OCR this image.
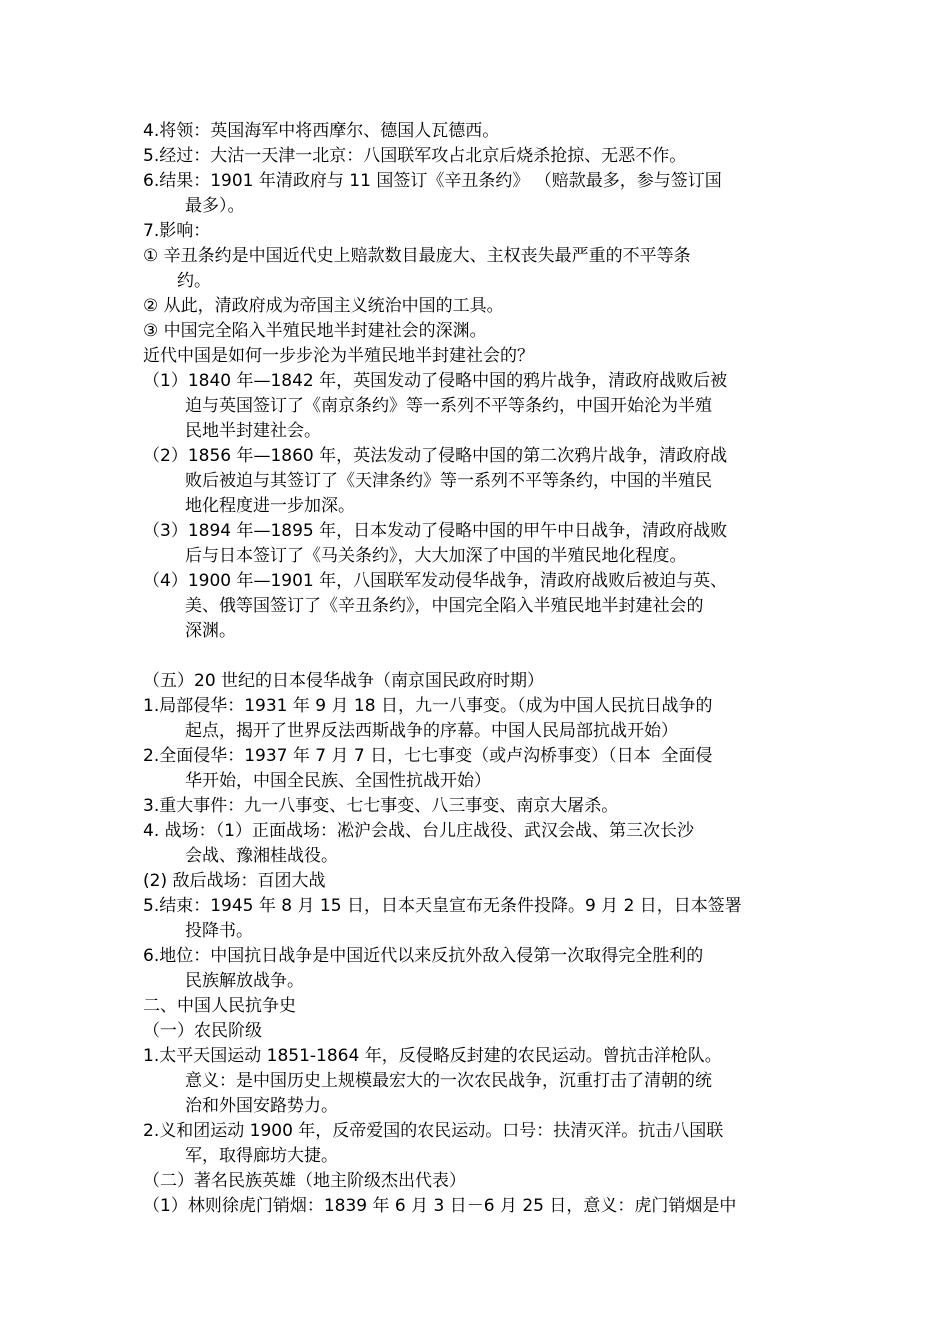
4.将领：英国海军中将西摩尔、德国人瓦德西。
5.经过：大沽一天津一北京：八国联军攻占北京后烧杀抢掠、无恶不作。
6.结果：1901 年清政府与 11 国签订《辛丑条约》 （赔款最多，参与签订国
最多）。
7.影响：
① 辛丑条约是中国近代史上赔款数目最庞大、主权丧失最严重的不平等条
约。
② 从此，清政府成为帝国主义统治中国的工具。
③ 中国完全陷入半殖民地半封建社会的深渊。
近代中国是如何一步步沦为半殖民地半封建社会的？
（1）1840 年—1842 年，英国发动了侵略中国的鸦片战争，清政府战败后被
迫与英国签订了《南京条约》等一系列不平等条约，中国开始沦为半殖
民地半封建社会。
（2）1856 年—1860 年，英法发动了侵略中国的第二次鸦片战争，清政府战
败后被迫与其签订了《天津条约》等一系列不平等条约，中国的半殖民
地化程度进一步加深。
（3）1894 年—1895 年，日本发动了侵略中国的甲午中日战争，清政府战败
后与日本签订了《马关条约》，大大加深了中国的半殖民地化程度。
（4）1900 年—1901 年，八国联军发动侵华战争，清政府战败后被迫与英、
美、俄等国签订了《辛丑条约》，中国完全陷入半殖民地半封建社会的
深渊。
（五）20 世纪的日本侵华战争（南京国民政府时期）
1.局部侵华：1931 年 9 月 18 日，九一八事变。（成为中国人民抗日战争的
起点，揭开了世界反法西斯战争的序幕。中国人民局部抗战开始）
2.全面侵华：1937 年 7 月 7 日，七七事变（或卢沟桥事变）（日本  全面侵
华开始，中国全民族、全国性抗战开始）
3.重大事件：九一八事变、七七事变、八三事变、南京大屠杀。
4. 战场：（1）正面战场：凇沪会战、台儿庄战役、武汉会战、第三次长沙
会战、豫湘桂战役。
(2) 敌后战场：百团大战
5.结束：1945 年 8 月 15 日，日本天皇宣布无条件投降。9 月 2 日，日本签署
投降书。
6.地位：中国抗日战争是中国近代以来反抗外敌入侵第一次取得完全胜利的
民族解放战争。
二、中国人民抗争史
（一）农民阶级
1.太平天国运动 1851-1864 年，反侵略反封建的农民运动。曾抗击洋枪队。
意义：是中国历史上规模最宏大的一次农民战争，沉重打击了清朝的统
治和外国安路势力。
2.义和团运动 1900 年，反帝爱国的农民运动。口号：扶清灭洋。抗击八国联
军，取得廊坊大捷。
（二）著名民族英雄（地主阶级杰出代表）
（1）林则徐虎门销烟：1839 年 6 月 3 日－6 月 25 日，意义：虎门销烟是中
